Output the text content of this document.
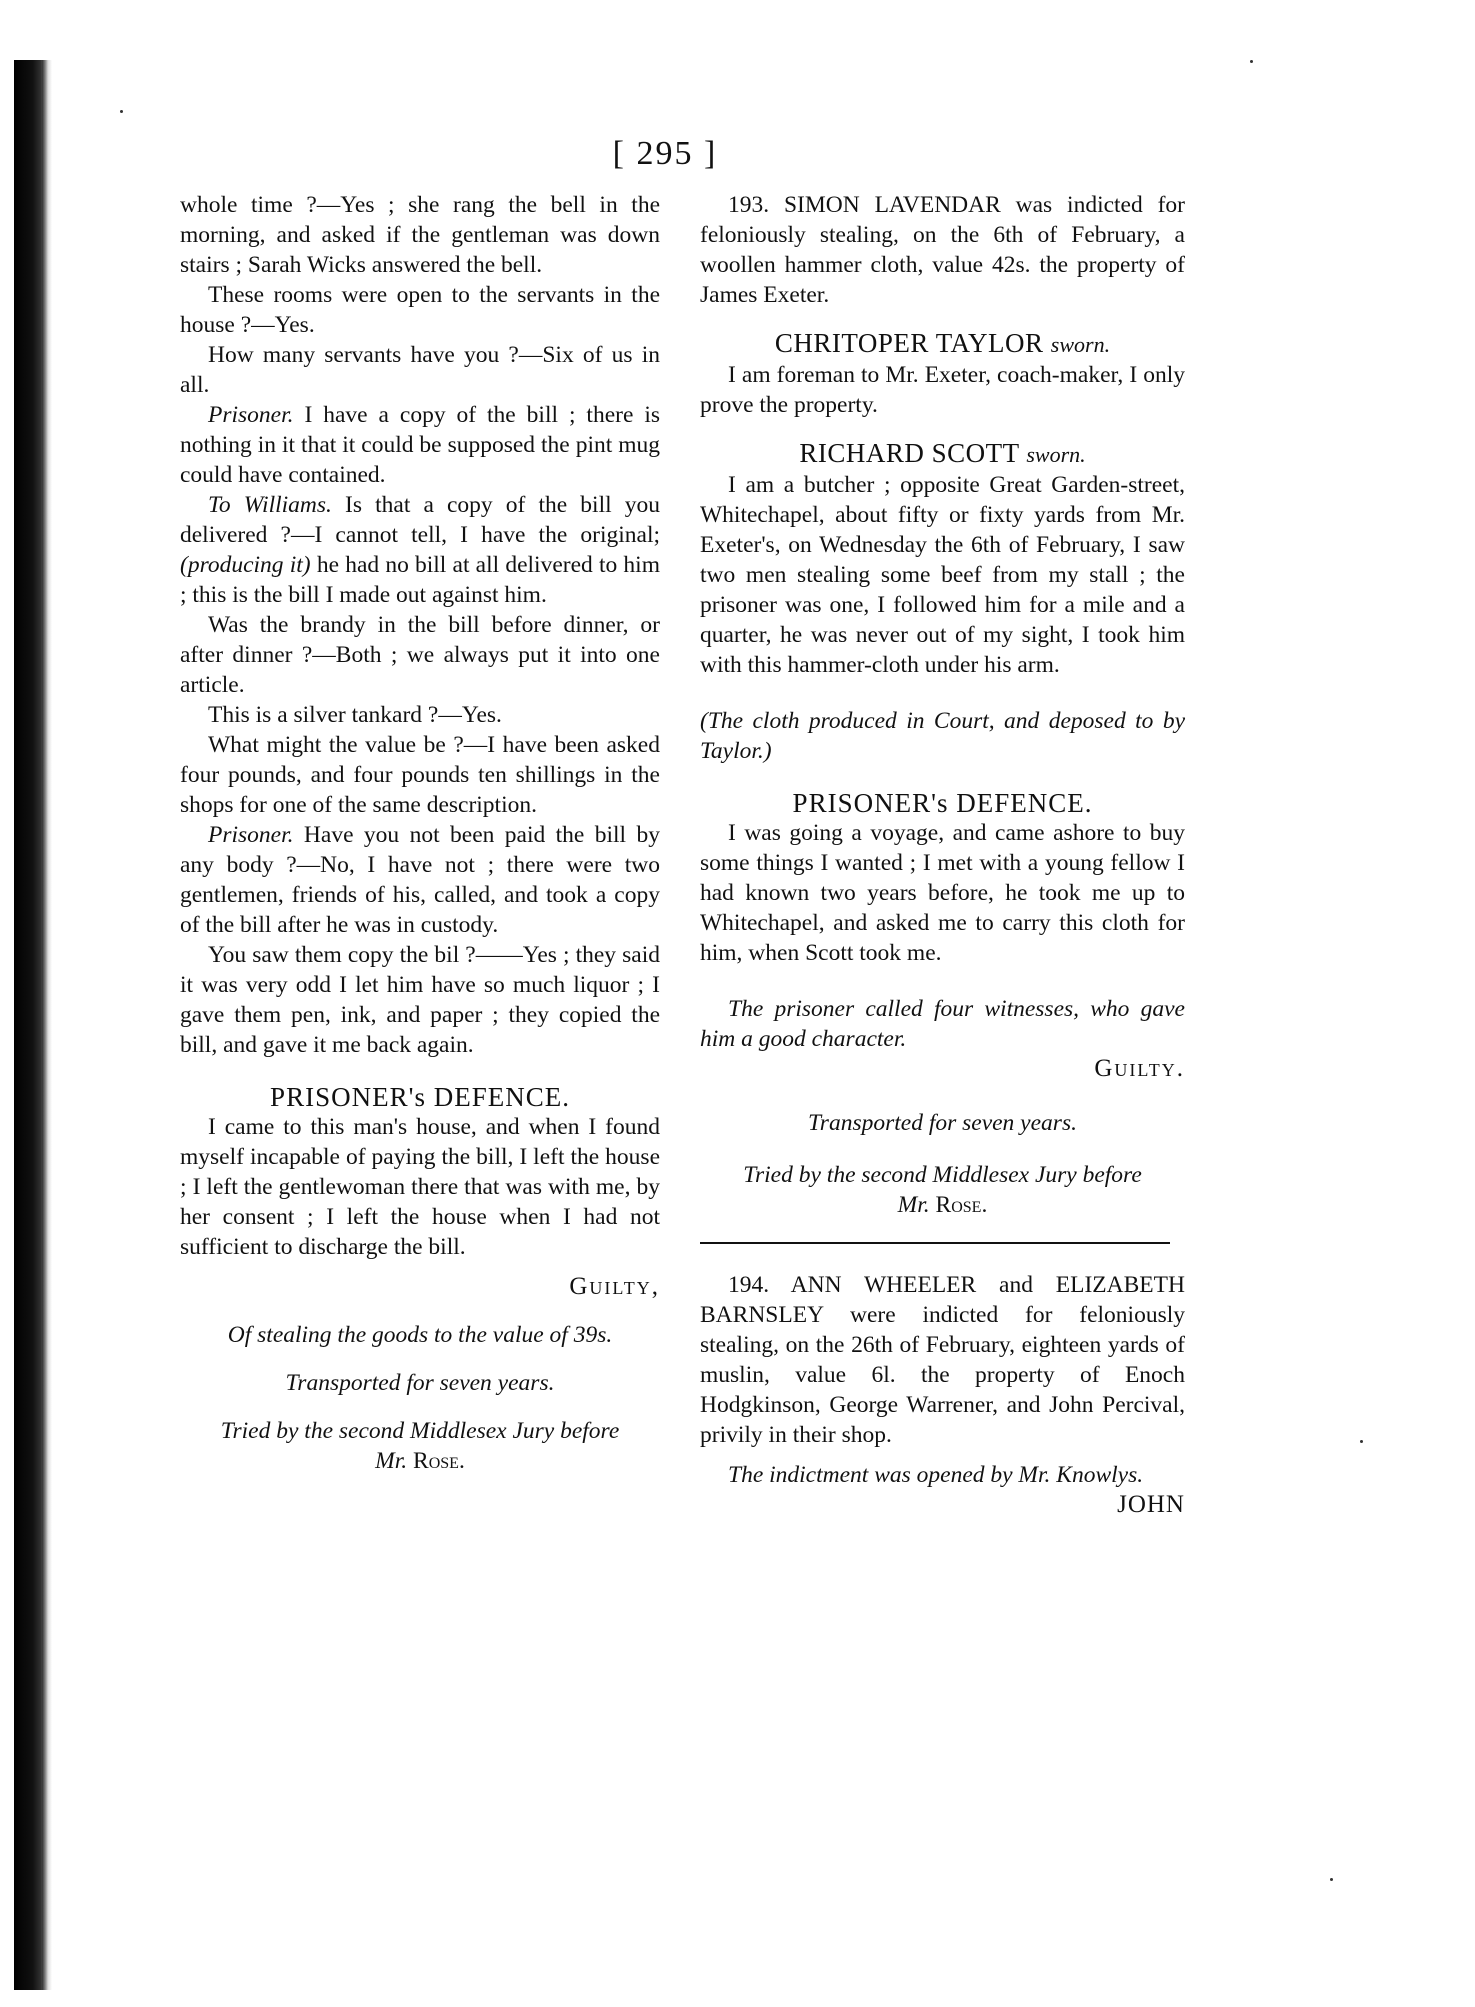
[ 295 ]

whole time ?—Yes ; she rang the bell in the morning, and asked if the gentleman was down stairs ; Sarah Wicks answered the bell.

These rooms were open to the servants in the house ?—Yes.

How many servants have you ?—Six of us in all.

Prisoner. I have a copy of the bill ; there is nothing in it that it could be supposed the pint mug could have contained.

To Williams. Is that a copy of the bill you delivered ?—I cannot tell, I have the original; (producing it) he had no bill at all delivered to him ; this is the bill I made out against him.

Was the brandy in the bill before dinner, or after dinner ?—Both ; we always put it into one article.

This is a silver tankard ?—Yes.

What might the value be ?—I have been asked four pounds, and four pounds ten shillings in the shops for one of the same description.

Prisoner. Have you not been paid the bill by any body ?—No, I have not ; there were two gentlemen, friends of his, called, and took a copy of the bill after he was in custody.

You saw them copy the bil ?——Yes ; they said it was very odd I let him have so much liquor ; I gave them pen, ink, and paper ; they copied the bill, and gave it me back again.

PRISONER's DEFENCE.

I came to this man's house, and when I found myself incapable of paying the bill, I left the house ; I left the gentlewoman there that was with me, by her consent ; I left the house when I had not sufficient to discharge the bill.

Guilty,

Of stealing the goods to the value of 39s.

Transported for seven years.

Tried by the second Middlesex Jury before

Mr. Rose.

193. SIMON LAVENDAR was indicted for feloniously stealing, on the 6th of February, a woollen hammer cloth, value 42s. the property of James Exeter.

CHRITOPER TAYLOR sworn.

I am foreman to Mr. Exeter, coach-maker, I only prove the property.

RICHARD SCOTT sworn.

I am a butcher ; opposite Great Garden-street, Whitechapel, about fifty or fixty yards from Mr. Exeter's, on Wednesday the 6th of February, I saw two men stealing some beef from my stall ; the prisoner was one, I followed him for a mile and a quarter, he was never out of my sight, I took him with this hammer-cloth under his arm.

(The cloth produced in Court, and deposed to by Taylor.)

PRISONER's DEFENCE.

I was going a voyage, and came ashore to buy some things I wanted ; I met with a young fellow I had known two years before, he took me up to Whitechapel, and asked me to carry this cloth for him, when Scott took me.

The prisoner called four witnesses, who gave him a good character.

Guilty.

Transported for seven years.

Tried by the second Middlesex Jury before

Mr. Rose.

194. ANN WHEELER and ELIZABETH BARNSLEY were indicted for feloniously stealing, on the 26th of February, eighteen yards of muslin, value 6l. the property of Enoch Hodgkinson, George Warrener, and John Percival, privily in their shop.

The indictment was opened by Mr. Knowlys.

JOHN
